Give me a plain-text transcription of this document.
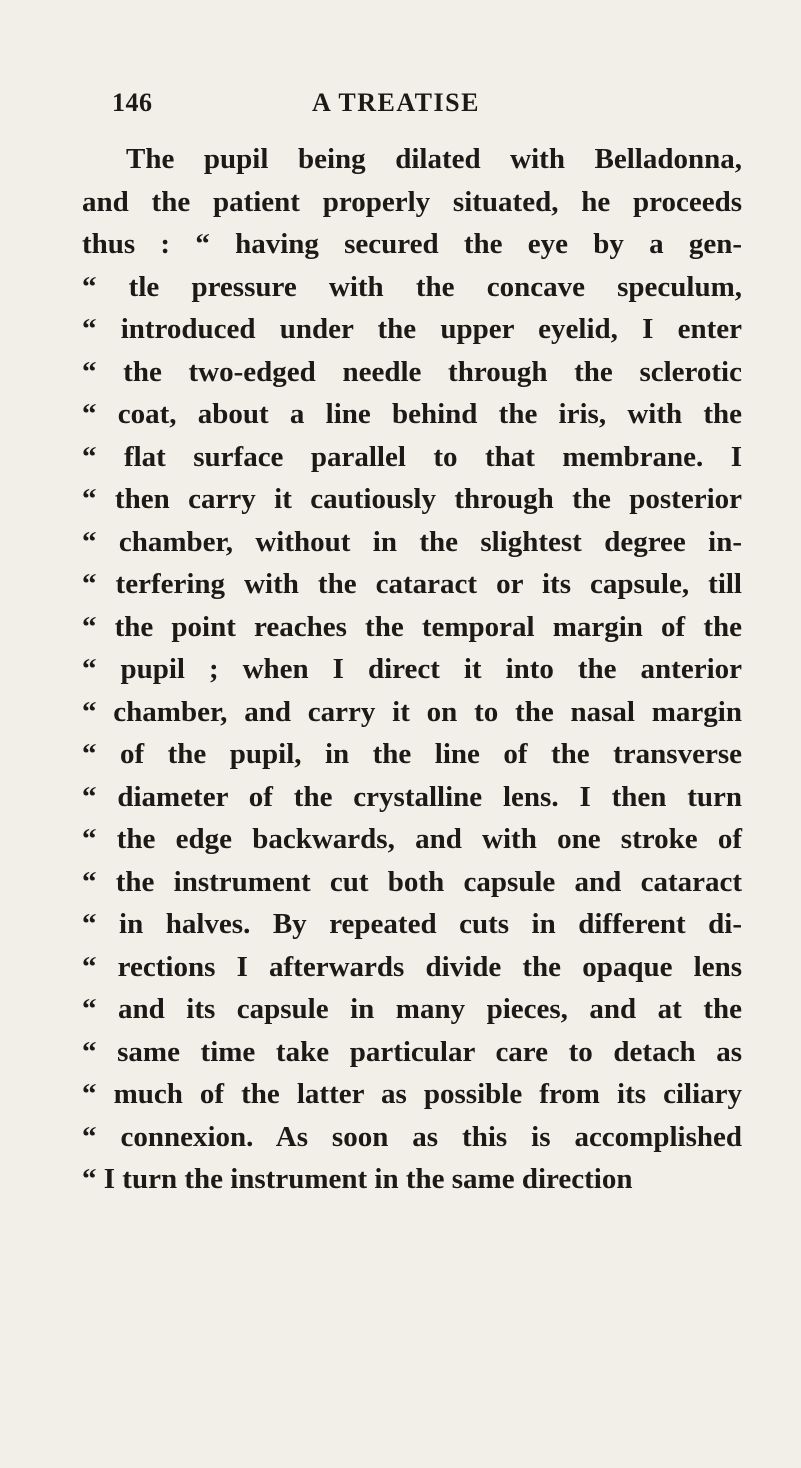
146	A TREATISE
The pupil being dilated with Belladonna,
and the patient properly situated, he proceeds
thus : “ having secured the eye by a gen-
“ tle pressure with the concave speculum,
“ introduced under the upper eyelid, I enter
“ the two-edged needle through the sclerotic
“ coat, about a line behind the iris, with the
“ flat surface parallel to that membrane. I
“ then carry it cautiously through the posterior
“ chamber, without in the slightest degree in-
“ terfering with the cataract or its capsule, till
“ the point reaches the temporal margin of the
“ pupil ; when I direct it into the anterior
“ chamber, and carry it on to the nasal margin
“ of the pupil, in the line of the transverse
“ diameter of the crystalline lens. I then turn
“ the edge backwards, and with one stroke of
“ the instrument cut both capsule and cataract
“ in halves. By repeated cuts in different di-
“ rections I afterwards divide the opaque lens
“ and its capsule in many pieces, and at the
“ same time take particular care to detach as
“ much of the latter as possible from its ciliary
“ connexion. As soon as this is accomplished
“ I turn the instrument in the same direction
